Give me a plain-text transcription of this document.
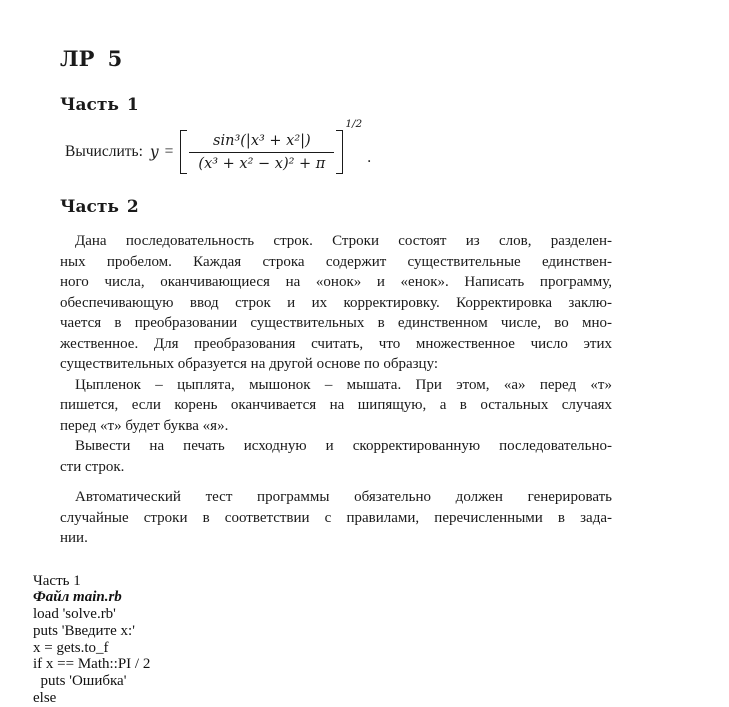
ЛР 5
Часть 1
Вычислить: $y = \frac{\text{sin³(|x³ + x²|)}}{\text{(x³ + x² − x)² + π}}$
1/2
.
Часть 2
Дана последовательность строк. Строки состоят из слов, разделен-
ных пробелом. Каждая строка содержит существительные единствен-
ного числа, оканчивающиеся на «онок» и «енок». Написать программу,
обеспечивающую ввод строк и их корректировку. Корректировка заклю-
чается в преобразовании существительных в единственном числе, во мно-
жественное. Для преобразования считать, что множественное число этих
существительных образуется на другой основе по образцу:
Цыпленок – цыплята, мышонок – мышата. При этом, «а» перед «т»
пишется, если корень оканчивается на шипящую, а в остальных случаях
перед «т» будет буква «я».
Вывести на печать исходную и скорректированную последовательно-
сти строк.
Автоматический тест программы обязательно должен генерировать
случайные строки в соответствии с правилами, перечисленными в зада-
нии.
Часть 1
Файл main.rb
load 'solve.rb'
puts 'Введите x:'
x = gets.to_f
if x == Math::PI / 2
puts 'Ошибка'
else
